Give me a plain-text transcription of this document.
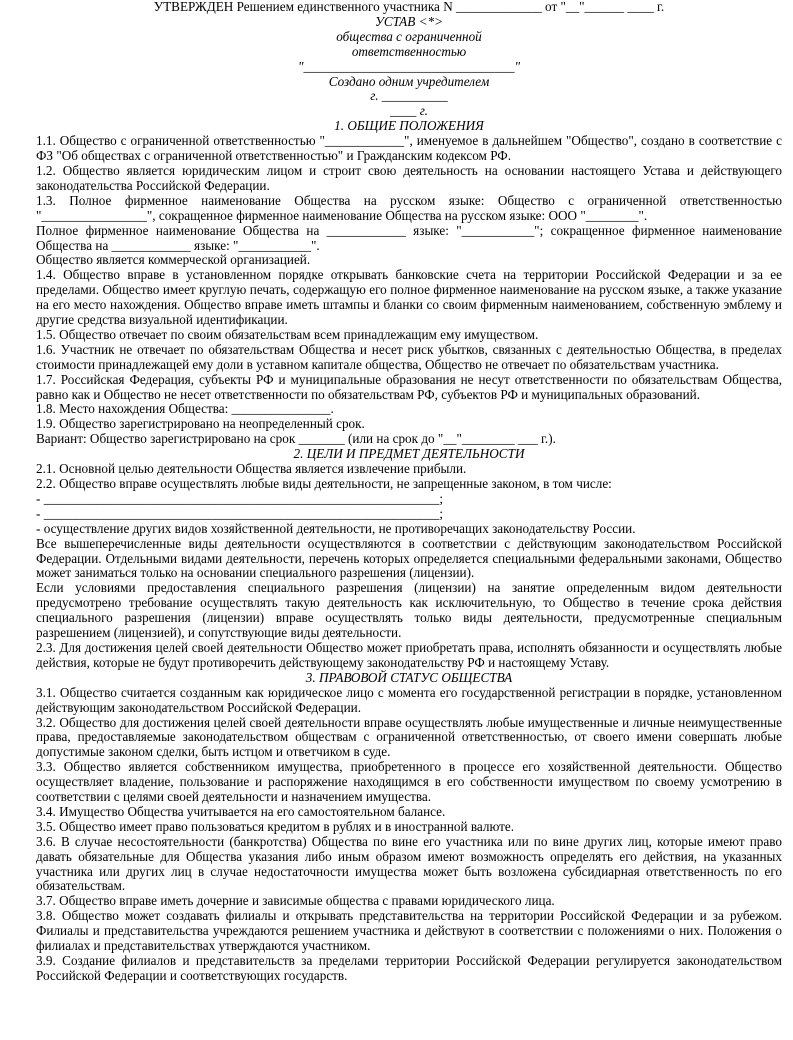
УТВЕРЖДЕН Решением единственного участника N _____________ от "__"______ ____ г.
УСТАВ <*>
общества с ограниченной
ответственностью
"________________________________"
Создано одним учредителем
г. __________
____ г.
1. ОБЩИЕ ПОЛОЖЕНИЯ
1.1. Общество с ограниченной ответственностью "____________", именуемое в дальнейшем "Общество", создано в соответствие с ФЗ "Об обществах с ограниченной ответственностью" и Гражданским кодексом РФ.
1.2. Общество является юридическим лицом и строит свою деятельность на основании настоящего Устава и действующего законодательства Российской Федерации.
1.3. Полное фирменное наименование Общества на русском языке: Общество с ограниченной ответственностью "________________", сокращенное фирменное наименование Общества на русском языке: ООО "________".
Полное фирменное наименование Общества на ____________ языке: "___________"; сокращенное фирменное наименование Общества на ____________ языке: "___________".
Общество является коммерческой организацией.
1.4. Общество вправе в установленном порядке открывать банковские счета на территории Российской Федерации и за ее пределами. Общество имеет круглую печать, содержащую его полное фирменное наименование на русском языке, а также указание на его место нахождения. Общество вправе иметь штампы и бланки со своим фирменным наименованием, собственную эмблему и другие средства визуальной идентификации.
1.5. Общество отвечает по своим обязательствам всем принадлежащим ему имуществом.
1.6. Участник не отвечает по обязательствам Общества и несет риск убытков, связанных с деятельностью Общества, в пределах стоимости принадлежащей ему доли в уставном капитале общества, Общество не отвечает по обязательствам участника.
1.7. Российская Федерация, субъекты РФ и муниципальные образования не несут ответственности по обязательствам Общества, равно как и Общество не несет ответственности по обязательствам РФ, субъектов РФ и муниципальных образований.
1.8. Место нахождения Общества: _______________.
1.9. Общество зарегистрировано на неопределенный срок.
Вариант: Общество зарегистрировано на срок _______ (или на срок до "__"________ ___ г.).
2. ЦЕЛИ И ПРЕДМЕТ ДЕЯТЕЛЬНОСТИ
2.1. Основной целью деятельности Общества является извлечение прибыли.
2.2. Общество вправе осуществлять любые виды деятельности, не запрещенные законом, в том числе:
- ____________________________________________________________;
- ____________________________________________________________;
- осуществление других видов хозяйственной деятельности, не противоречащих законодательству России.
Все вышеперечисленные виды деятельности осуществляются в соответствии с действующим законодательством Российской Федерации. Отдельными видами деятельности, перечень которых определяется специальными федеральными законами, Общество может заниматься только на основании специального разрешения (лицензии).
Если условиями предоставления специального разрешения (лицензии) на занятие определенным видом деятельности предусмотрено требование осуществлять такую деятельность как исключительную, то Общество в течение срока действия специального разрешения (лицензии) вправе осуществлять только виды деятельности, предусмотренные специальным разрешением (лицензией), и сопутствующие виды деятельности.
2.3. Для достижения целей своей деятельности Общество может приобретать права, исполнять обязанности и осуществлять любые действия, которые не будут противоречить действующему законодательству РФ и настоящему Уставу.
3. ПРАВОВОЙ СТАТУС ОБЩЕСТВА
3.1. Общество считается созданным как юридическое лицо с момента его государственной регистрации в порядке, установленном действующим законодательством Российской Федерации.
3.2. Общество для достижения целей своей деятельности вправе осуществлять любые имущественные и личные неимущественные права, предоставляемые законодательством обществам с ограниченной ответственностью, от своего имени совершать любые допустимые законом сделки, быть истцом и ответчиком в суде.
3.3. Общество является собственником имущества, приобретенного в процессе его хозяйственной деятельности. Общество осуществляет владение, пользование и распоряжение находящимся в его собственности имуществом по своему усмотрению в соответствии с целями своей деятельности и назначением имущества.
3.4. Имущество Общества учитывается на его самостоятельном балансе.
3.5. Общество имеет право пользоваться кредитом в рублях и в иностранной валюте.
3.6. В случае несостоятельности (банкротства) Общества по вине его участника или по вине других лиц, которые имеют право давать обязательные для Общества указания либо иным образом имеют возможность определять его действия, на указанных участника или других лиц в случае недостаточности имущества может быть возложена субсидиарная ответственность по его обязательствам.
3.7. Общество вправе иметь дочерние и зависимые общества с правами юридического лица.
3.8. Общество может создавать филиалы и открывать представительства на территории Российской Федерации и за рубежом. Филиалы и представительства учреждаются решением участника и действуют в соответствии с положениями о них. Положения о филиалах и представительствах утверждаются участником.
3.9. Создание филиалов и представительств за пределами территории Российской Федерации регулируется законодательством Российской Федерации и соответствующих государств.
